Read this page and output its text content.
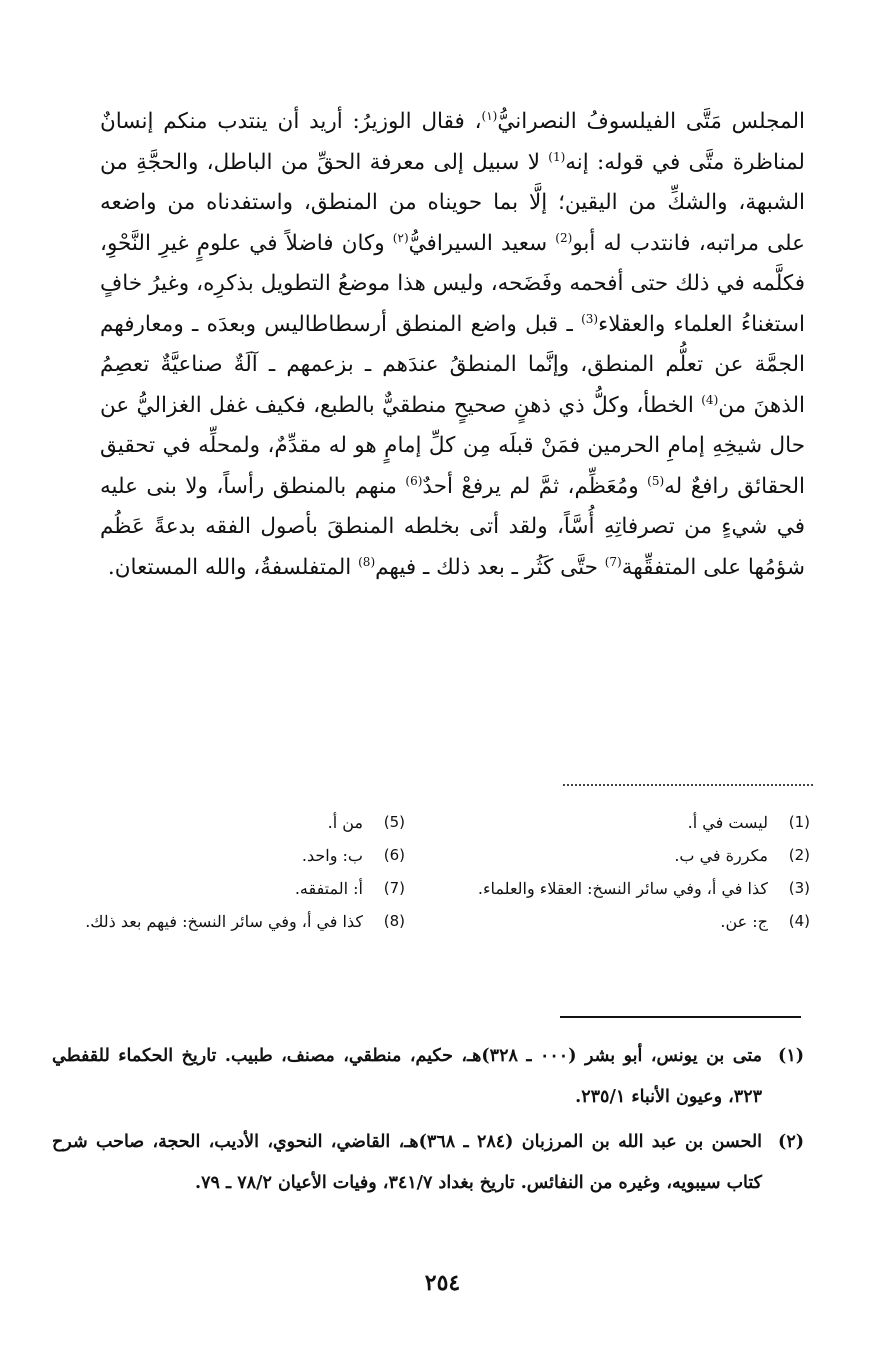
المجلس مَتَّى الفيلسوفُ النصرانيُّ$^{(١)}$، فقال الوزيرُ: أريد أن ينتدب منكم إنسانٌ لمناظرة متَّى في قوله: إنه$^{(1)}$ لا سبيل إلى معرفة الحقِّ من الباطل، والحجَّةِ من الشبهة، والشكِّ من اليقين؛ إلَّا بما حويناه من المنطق، واستفدناه من واضعه على مراتبه، فانتدب له أبو$^{(2)}$ سعيد السيرافيُّ$^{(٢)}$ وكان فاضلاً في علومٍ غيرِ النَّحْوِ، فكلَّمه في ذلك حتى أفحمه وفَضَحه، وليس هذا موضعُ التطويل بذكرِه، وغيرُ خافٍ استغناءُ العلماء والعقلاء$^{(3)}$ ـ قبل واضع المنطق أرسطاطاليس وبعدَه ـ ومعارفهم الجمَّة عن تعلُّم المنطق، وإنَّما المنطقُ عندَهم ـ بزعمهم ـ آلَةٌ صناعيَّةٌ تعصِمُ الذهنَ من$^{(4)}$ الخطأ، وكلُّ ذي ذهنٍ صحيحٍ منطقيٌّ بالطبع، فكيف غفل الغزاليُّ عن حال شيخِهِ إمامِ الحرمين فمَنْ قبلَه مِن كلِّ إمامٍ هو له مقدِّمٌ، ولمحلِّه في تحقيق الحقائق رافعٌ له$^{(5)}$ ومُعَظِّم، ثمَّ لم يرفعْ أحدٌ$^{(6)}$ منهم بالمنطق رأساً، ولا بنى عليه في شيءٍ من تصرفاتِهِ أُسَّاً، ولقد أتى بخلطه المنطقَ بأصول الفقه بدعةً عَظُم شؤمُها على المتفقِّهة$^{(7)}$ حتَّى كَثُر ـ بعد ذلك ـ فيهم$^{(8)}$ المتفلسفةُ، والله المستعان.
(1)
ليست في أ.
(2)
مكررة في ب.
(3)
كذا في أ، وفي سائر النسخ: العقلاء والعلماء.
(4)
ج: عن.
(5)
من أ.
(6)
ب: واحد.
(7)
أ: المتفقه.
(8)
كذا في أ، وفي سائر النسخ: فيهم بعد ذلك.
(١)
متى بن يونس، أبو بشر (٠٠٠ ـ ٣٢٨)هـ، حكيم، منطقي، مصنف، طبيب. تاريخ الحكماء للقفطي ٣٢٣، وعيون الأنباء ٢٣٥/١.
(٢)
الحسن بن عبد الله بن المرزبان (٢٨٤ ـ ٣٦٨)هـ، القاضي، النحوي، الأديب، الحجة، صاحب شرح كتاب سيبويه، وغيره من النفائس. تاريخ بغداد ٣٤١/٧، وفيات الأعيان ٧٨/٢ ـ ٧٩.
٢٥٤
